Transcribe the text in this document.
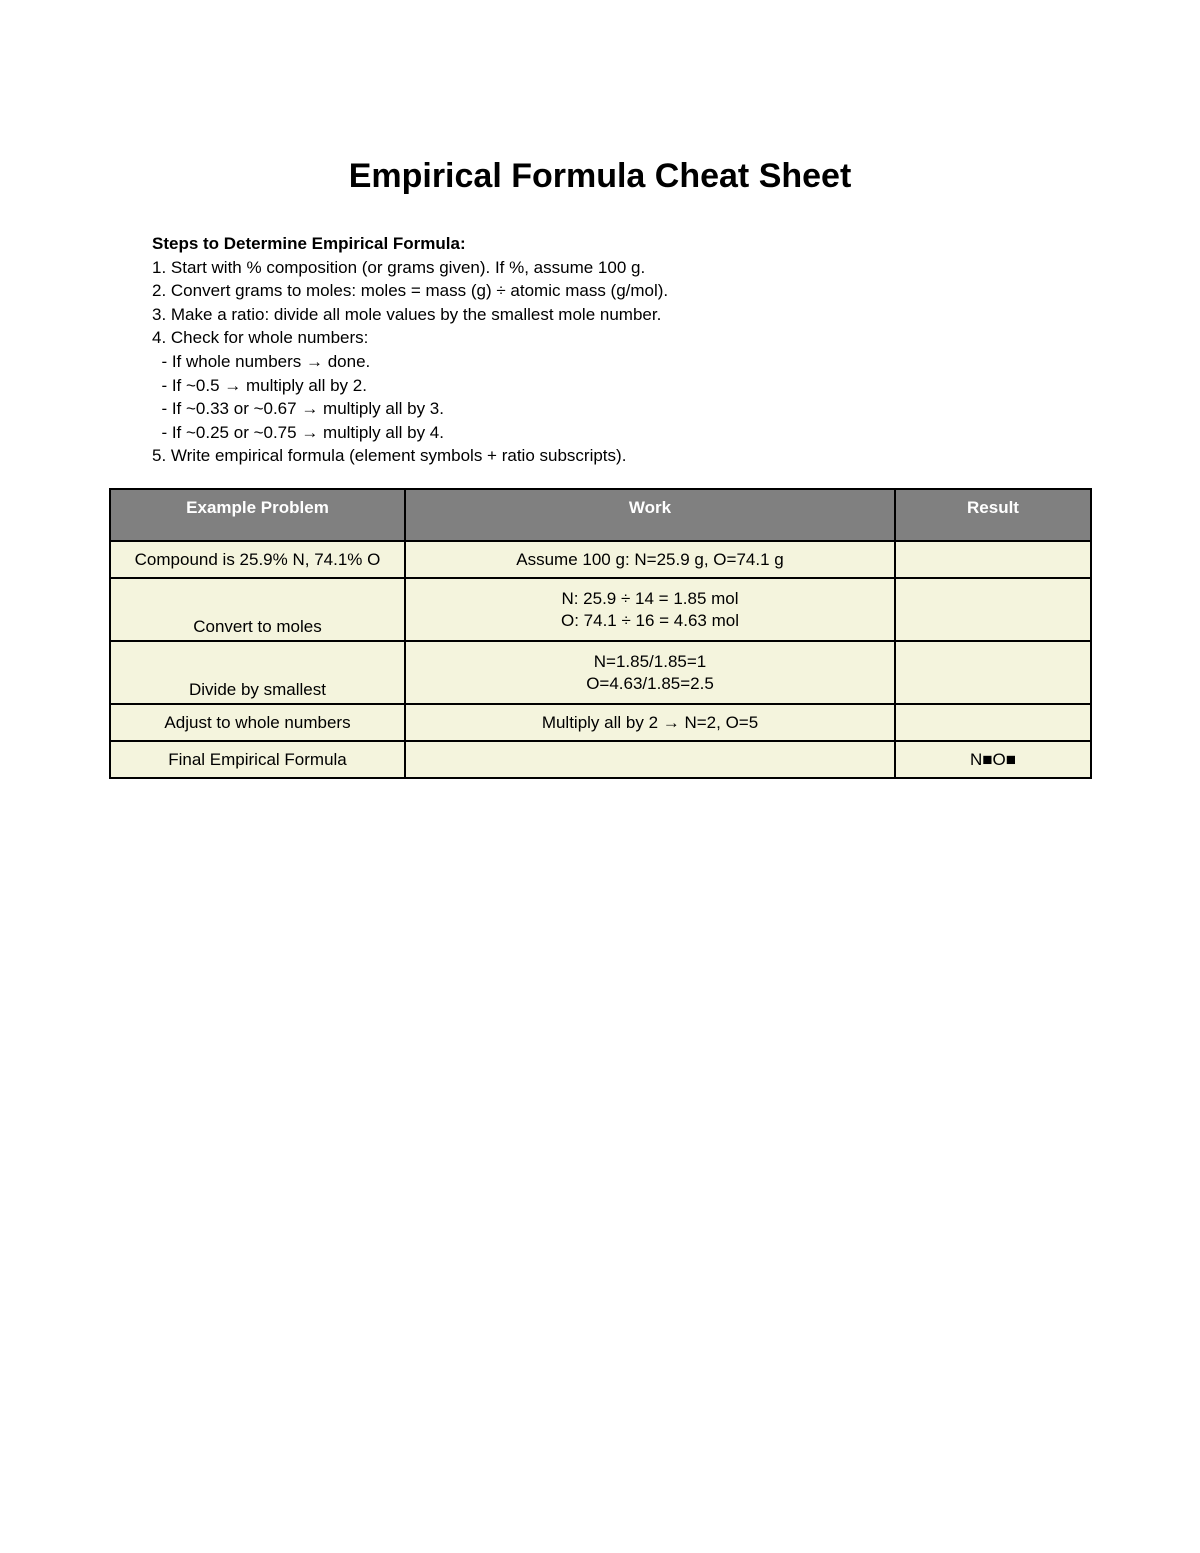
Empirical Formula Cheat Sheet
Steps to Determine Empirical Formula:
1. Start with % composition (or grams given). If %, assume 100 g.
2. Convert grams to moles: moles = mass (g) ÷ atomic mass (g/mol).
3. Make a ratio: divide all mole values by the smallest mole number.
4. Check for whole numbers:
- If whole numbers → done.
- If ~0.5 → multiply all by 2.
- If ~0.33 or ~0.67 → multiply all by 3.
- If ~0.25 or ~0.75 → multiply all by 4.
5. Write empirical formula (element symbols + ratio subscripts).
Example Problem	Work	Result
Compound is 25.9% N, 74.1% O	Assume 100 g: N=25.9 g, O=74.1 g	
Convert to moles	N: 25.9 ÷ 14 = 1.85 mol
O: 74.1 ÷ 16 = 4.63 mol	

Divide by smallest	N=1.85/1.85=1
O=4.63/1.85=2.5	

Adjust to whole numbers	Multiply all by 2 → N=2, O=5	
Final Empirical Formula		N■O■
